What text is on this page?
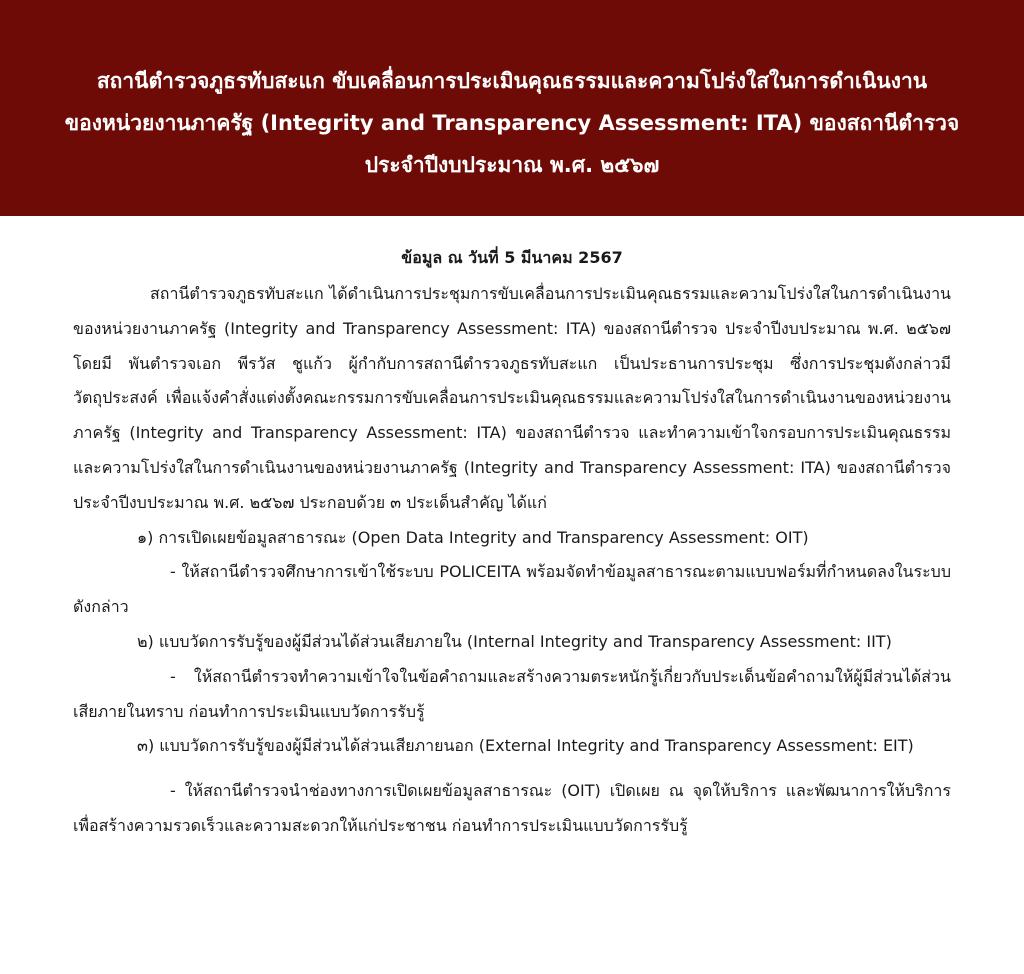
สถานีตำรวจภูธรทับสะแก ขับเคลื่อนการประเมินคุณธรรมและความโปร่งใสในการดำเนินงาน
ของหน่วยงานภาครัฐ (Integrity and Transparency Assessment: ITA) ของสถานีตำรวจ
ประจำปีงบประมาณ พ.ศ. ๒๕๖๗
ข้อมูล ณ วันที่ 5 มีนาคม 2567
สถานีตำรวจภูธรทับสะแก ได้ดำเนินการประชุมการขับเคลื่อนการประเมินคุณธรรมและความโปร่งใสในการดำเนินงานของหน่วยงานภาครัฐ (Integrity and Transparency Assessment: ITA) ของสถานีตำรวจ ประจำปีงบประมาณ พ.ศ. ๒๕๖๗ โดยมี พันตำรวจเอก พีรวัส ชูแก้ว ผู้กำกับการสถานีตำรวจภูธรทับสะแก เป็นประธานการประชุม ซึ่งการประชุมดังกล่าวมีวัตถุประสงค์ เพื่อแจ้งคำสั่งแต่งตั้งคณะกรรมการขับเคลื่อนการประเมินคุณธรรมและความโปร่งใสในการดำเนินงานของหน่วยงานภาครัฐ (Integrity and Transparency Assessment: ITA) ของสถานีตำรวจ และทำความเข้าใจกรอบการประเมินคุณธรรมและความโปร่งใสในการดำเนินงานของหน่วยงานภาครัฐ (Integrity and Transparency Assessment: ITA) ของสถานีตำรวจประจำปีงบประมาณ พ.ศ. ๒๕๖๗ ประกอบด้วย ๓ ประเด็นสำคัญ ได้แก่
๑) การเปิดเผยข้อมูลสาธารณะ (Open Data Integrity and Transparency Assessment: OIT)
- ให้สถานีตำรวจศึกษาการเข้าใช้ระบบ POLICEITA พร้อมจัดทำข้อมูลสาธารณะตามแบบฟอร์มที่กำหนดลงในระบบดังกล่าว
๒) แบบวัดการรับรู้ของผู้มีส่วนได้ส่วนเสียภายใน (Internal Integrity and Transparency Assessment: IIT)
- ให้สถานีตำรวจทำความเข้าใจในข้อคำถามและสร้างความตระหนักรู้เกี่ยวกับประเด็นข้อคำถามให้ผู้มีส่วนได้ส่วนเสียภายในทราบ ก่อนทำการประเมินแบบวัดการรับรู้
๓) แบบวัดการรับรู้ของผู้มีส่วนได้ส่วนเสียภายนอก (External Integrity and Transparency Assessment: EIT)
- ให้สถานีตำรวจนำช่องทางการเปิดเผยข้อมูลสาธารณะ (OIT) เปิดเผย ณ จุดให้บริการ และพัฒนาการให้บริการเพื่อสร้างความรวดเร็วและความสะดวกให้แก่ประชาชน ก่อนทำการประเมินแบบวัดการรับรู้
